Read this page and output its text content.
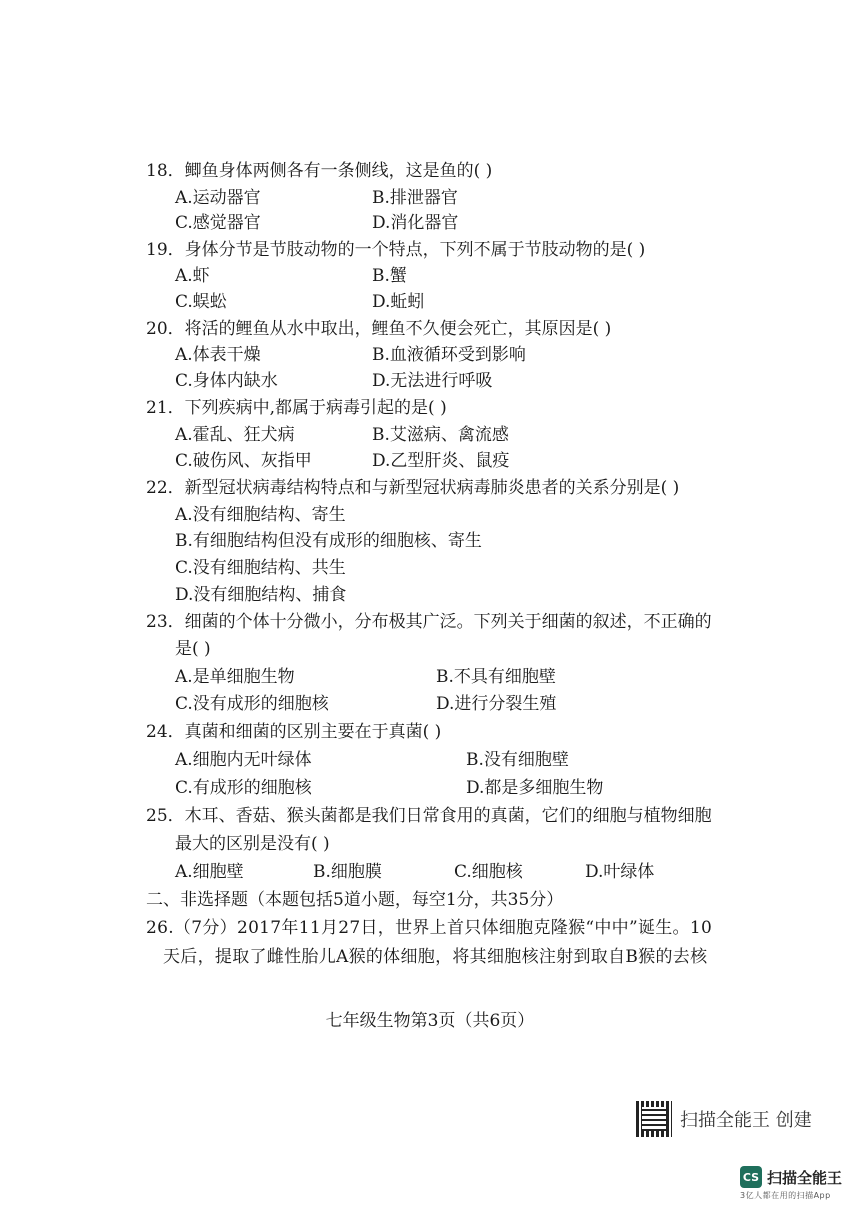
18．鲫鱼身体两侧各有一条侧线，这是鱼的( )
A.运动器官	B.排泄器官
C.感觉器官	D.消化器官
19．身体分节是节肢动物的一个特点，下列不属于节肢动物的是( )
A.虾	B.蟹
C.蜈蚣	D.蚯蚓
20．将活的鲤鱼从水中取出，鲤鱼不久便会死亡，其原因是( )
A.体表干燥	B.血液循环受到影响
C.身体内缺水	D.无法进行呼吸
21．下列疾病中,都属于病毒引起的是( )
A.霍乱、狂犬病	B.艾滋病、禽流感
C.破伤风、灰指甲	D.乙型肝炎、鼠疫
22．新型冠状病毒结构特点和与新型冠状病毒肺炎患者的关系分别是( )
A.没有细胞结构、寄生
B.有细胞结构但没有成形的细胞核、寄生
C.没有细胞结构、共生
D.没有细胞结构、捕食
23．细菌的个体十分微小，分布极其广泛。下列关于细菌的叙述，不正确的
是( )
A.是单细胞生物	B.不具有细胞壁
C.没有成形的细胞核	D.进行分裂生殖
24．真菌和细菌的区别主要在于真菌( )
A.细胞内无叶绿体	B.没有细胞壁
C.有成形的细胞核	D.都是多细胞生物
25．木耳、香菇、猴头菌都是我们日常食用的真菌，它们的细胞与植物细胞
最大的区别是没有( )
A.细胞壁	B.细胞膜	C.细胞核	D.叶绿体
二、非选择题（本题包括5道小题，每空1分，共35分）
26.（7分）2017年11月27日，世界上首只体细胞克隆猴“中中”诞生。10
天后，提取了雌性胎儿A猴的体细胞，将其细胞核注射到取自B猴的去核
七年级生物第3页（共6页）
扫描全能王 创建
CS 扫描全能王
3亿人都在用的扫描App
